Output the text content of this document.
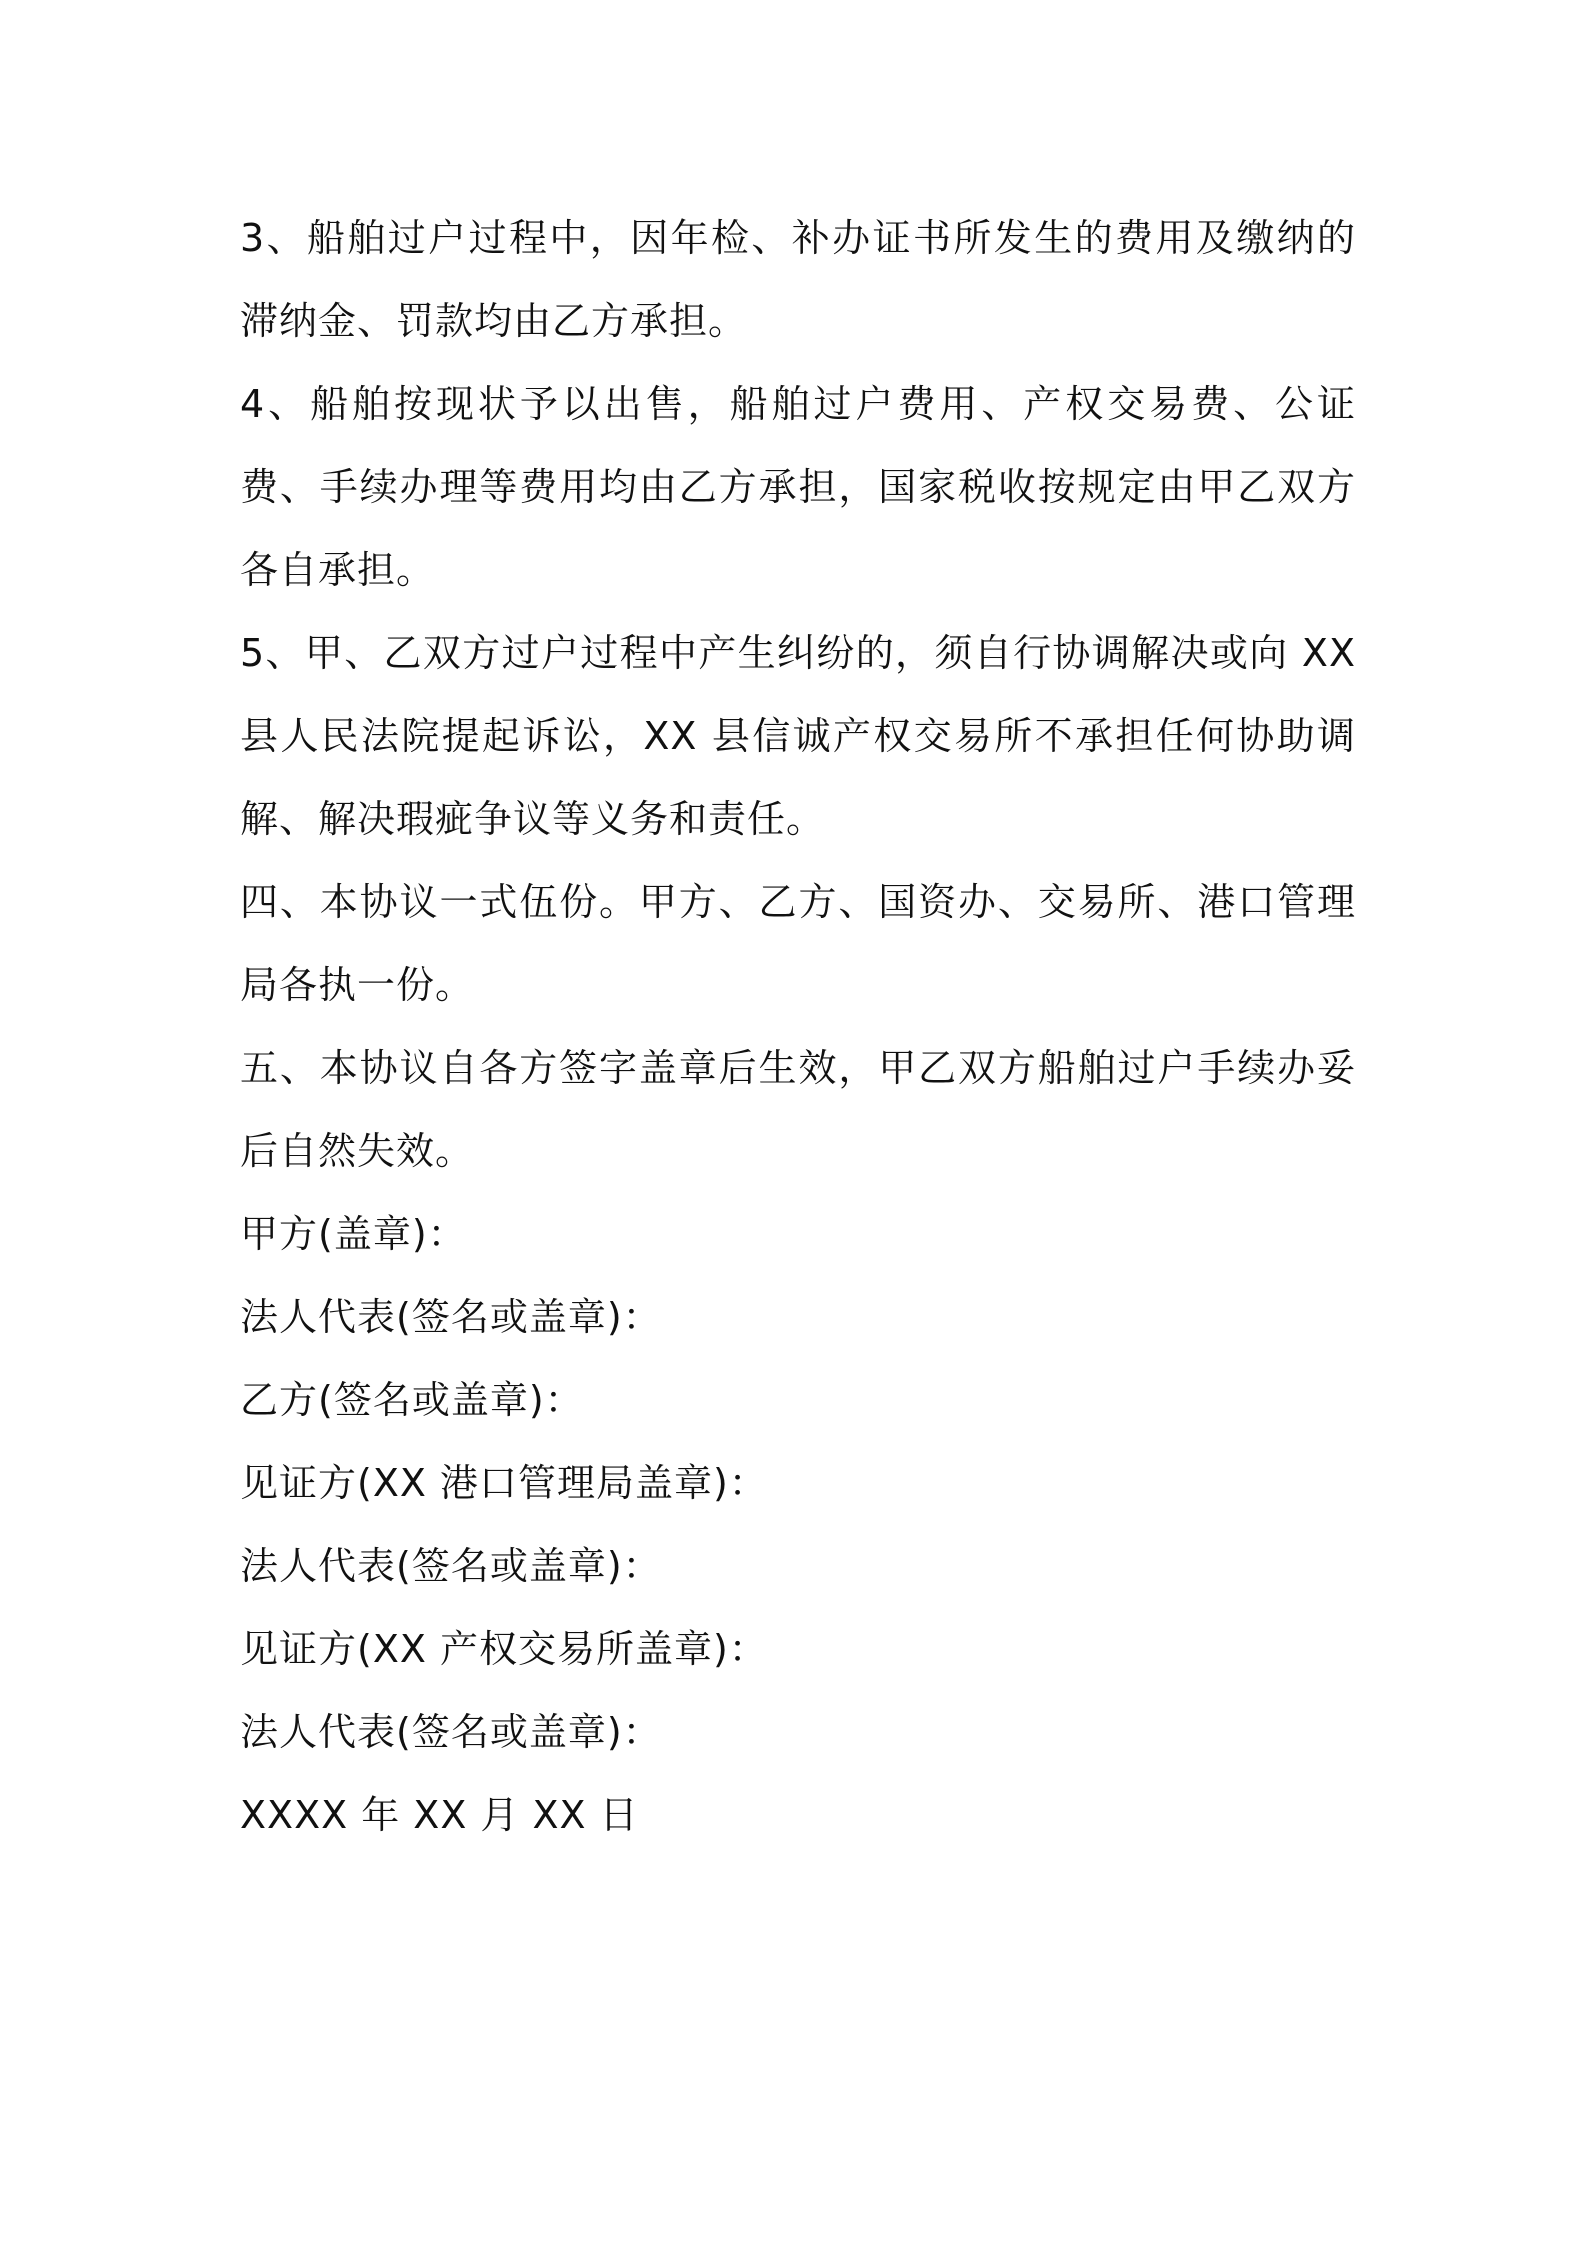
3、船舶过户过程中，因年检、补办证书所发生的费用及缴纳的滞纳金、罚款均由乙方承担。

4、船舶按现状予以出售，船舶过户费用、产权交易费、公证费、手续办理等费用均由乙方承担，国家税收按规定由甲乙双方各自承担。

5、甲、乙双方过户过程中产生纠纷的，须自行协调解决或向 XX 县人民法院提起诉讼，XX 县信诚产权交易所不承担任何协助调解、解决瑕疵争议等义务和责任。

四、本协议一式伍份。甲方、乙方、国资办、交易所、港口管理局各执一份。

五、本协议自各方签字盖章后生效，甲乙双方船舶过户手续办妥后自然失效。

甲方(盖章)：

法人代表(签名或盖章)：

乙方(签名或盖章)：

见证方(XX 港口管理局盖章)：

法人代表(签名或盖章)：

见证方(XX 产权交易所盖章)：

法人代表(签名或盖章)：

XXXX 年 XX 月 XX 日
